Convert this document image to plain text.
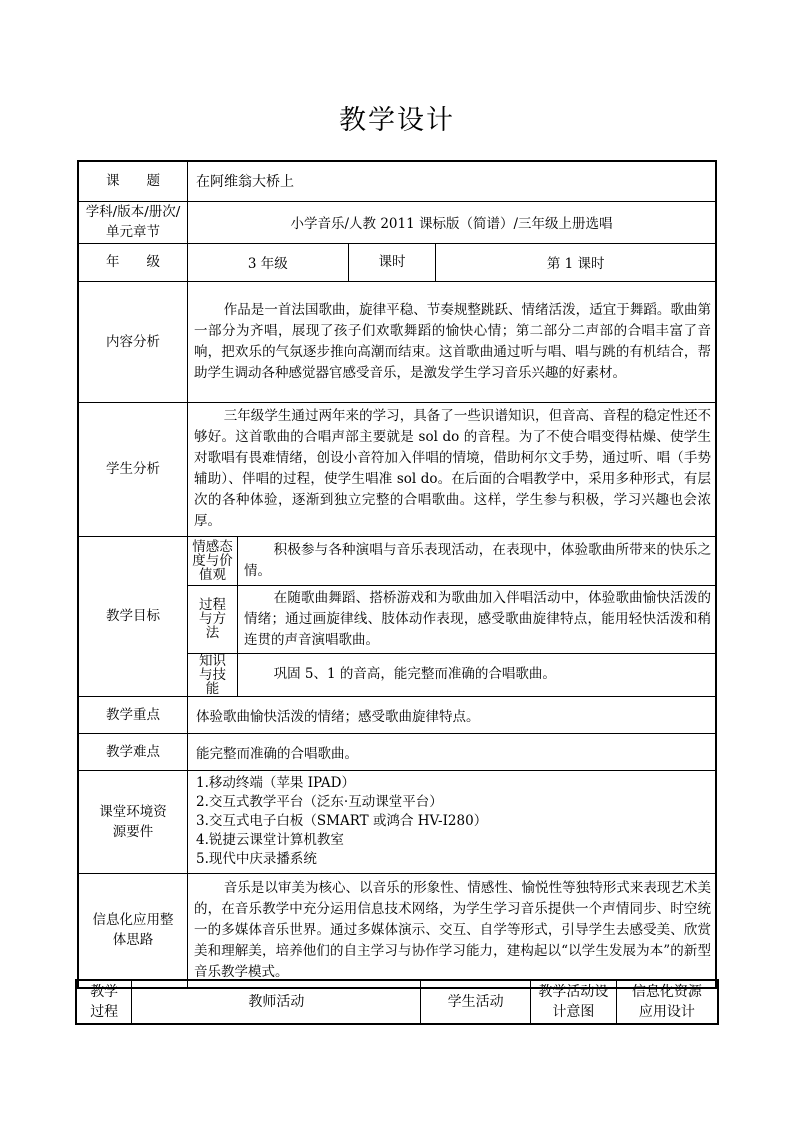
教学设计
课　　题	在阿维翁大桥上			
学科/版本/册次/单元章节	小学音乐/人教 2011 课标版（简谱）/三年级上册选唱			
年　　级	3 年级		课时	第 1 课时
内容分析	作品是一首法国歌曲，旋律平稳、节奏规整跳跃、情绪活泼，适宜于舞蹈。歌曲第一部分为齐唱，展现了孩子们欢歌舞蹈的愉快心情；第二部分二声部的合唱丰富了音响，把欢乐的气氛逐步推向高潮而结束。这首歌曲通过听与唱、唱与跳的有机结合，帮助学生调动各种感觉器官感受音乐，是激发学生学习音乐兴趣的好素材。			
学生分析	三年级学生通过两年来的学习，具备了一些识谱知识，但音高、音程的稳定性还不够好。这首歌曲的合唱声部主要就是 sol do 的音程。为了不使合唱变得枯燥、使学生对歌唱有畏难情绪，创设小音符加入伴唱的情境，借助柯尔文手势，通过听、唱（手势辅助）、伴唱的过程，使学生唱准 sol do。在后面的合唱教学中，采用多种形式，有层次的各种体验，逐渐到独立完整的合唱歌曲。这样，学生参与积极，学习兴趣也会浓厚。			
教学目标	情感态度与价值观	积极参与各种演唱与音乐表现活动，在表现中，体验歌曲所带来的快乐之情。		
	过程与方法	在随歌曲舞蹈、搭桥游戏和为歌曲加入伴唱活动中，体验歌曲愉快活泼的情绪；通过画旋律线、肢体动作表现，感受歌曲旋律特点，能用轻快活泼和稍连贯的声音演唱歌曲。		
	知识与技能	巩固 5、1 的音高，能完整而准确的合唱歌曲。		
教学重点	体验歌曲愉快活泼的情绪；感受歌曲旋律特点。			
教学难点	能完整而准确的合唱歌曲。			
课堂环境资源要件	1.移动终端（苹果 IPAD）
2.交互式教学平台（泛东·互动课堂平台）
3.交互式电子白板（SMART 或鸿合 HV-I280）
4.锐捷云课堂计算机教室
5.现代中庆录播系统			

信息化应用整体思路	音乐是以审美为核心、以音乐的形象性、情感性、愉悦性等独特形式来表现艺术美的，在音乐教学中充分运用信息技术网络，为学生学习音乐提供一个声情同步、时空统一的多媒体音乐世界。通过多媒体演示、交互、自学等形式，引导学生去感受美、欣赏美和理解美，培养他们的自主学习与协作学习能力，建构起以“以学生发展为本”的新型音乐教学模式。			
教学过程	教师活动	学生活动	教学活动设计意图	信息化资源应用设计
